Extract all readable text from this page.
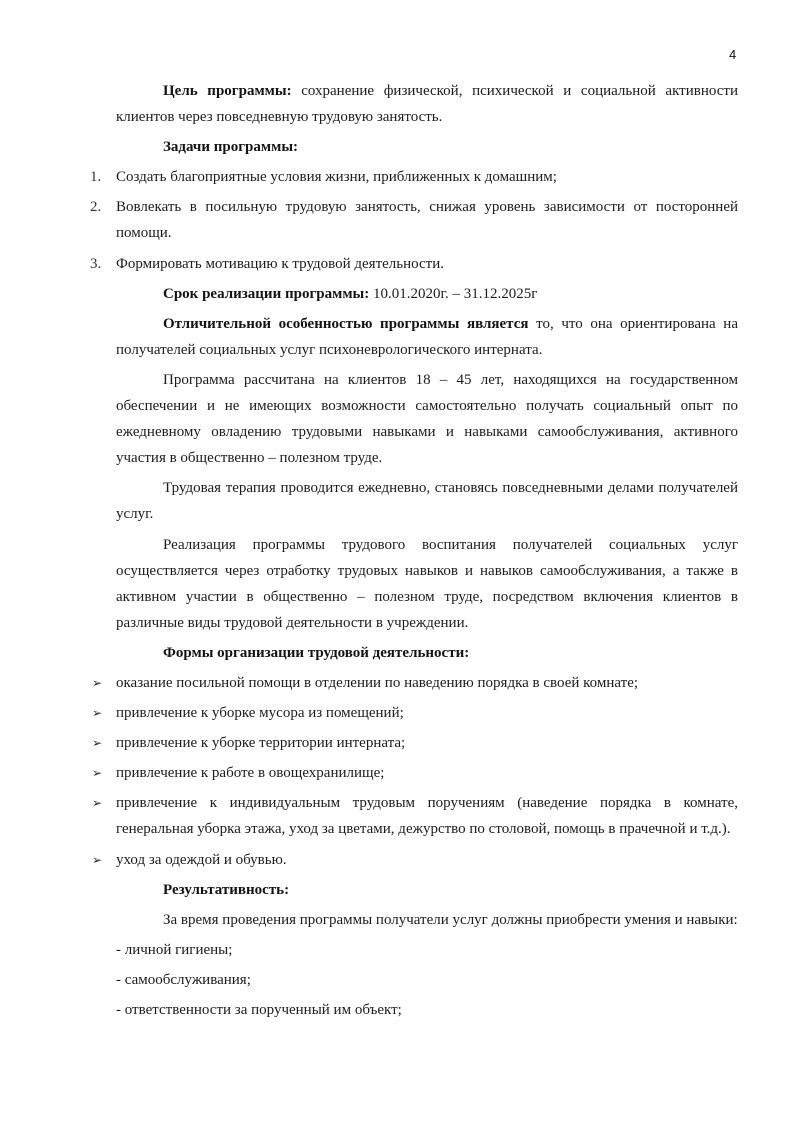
4

Цель программы: сохранение физической, психической и социальной активности клиентов через повседневную трудовую занятость.

Задачи программы:

1. Создать благоприятные условия жизни, приближенных к домашним;

2. Вовлекать в посильную трудовую занятость, снижая уровень зависимости от посторонней помощи.

3. Формировать мотивацию к трудовой деятельности.

Срок реализации программы: 10.01.2020г. – 31.12.2025г

Отличительной особенностью программы является то, что она ориентирована на получателей социальных услуг психоневрологического интерната.

Программа рассчитана на клиентов 18 – 45 лет, находящихся на государственном обеспечении и не имеющих возможности самостоятельно получать социальный опыт по ежедневному овладению трудовыми навыками и навыками самообслуживания, активного участия в общественно – полезном труде.

Трудовая терапия проводится ежедневно, становясь повседневными делами получателей услуг.

Реализация программы трудового воспитания получателей социальных услуг осуществляется через отработку трудовых навыков и навыков самообслуживания, а также в активном участии в общественно – полезном труде, посредством включения клиентов в различные виды трудовой деятельности в учреждении.

Формы организации трудовой деятельности:

➢ оказание посильной помощи в отделении по наведению порядка в своей комнате;

➢ привлечение к уборке мусора из помещений;

➢ привлечение к уборке территории интерната;

➢ привлечение к работе в овощехранилище;

➢ привлечение к индивидуальным трудовым поручениям (наведение порядка в комнате, генеральная уборка этажа, уход за цветами, дежурство по столовой, помощь в прачечной и т.д.).

➢ уход за одеждой и обувью.

Результативность:

За время проведения программы получатели услуг должны приобрести умения и навыки:

- личной гигиены;

- самообслуживания;

- ответственности за порученный им объект;
